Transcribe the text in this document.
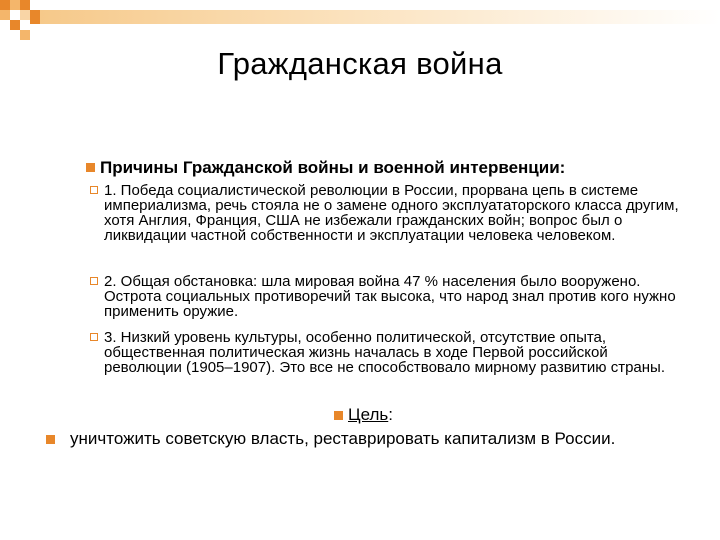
Гражданская война
Причины Гражданской войны и военной интервенции:
1. Победа социалистической революции в России, прорвана цепь в системе империализма, речь стояла не о замене одного эксплуататорского класса другим, хотя Англия, Франция, США не избежали гражданских войн; вопрос был о ликвидации частной собственности и эксплуатации человека человеком.
2. Общая обстановка: шла мировая война 47 % населения было вооружено. Острота социальных противоречий так высока, что народ знал против кого нужно применить оружие.
3. Низкий уровень культуры, особенно политической, отсутствие опыта, общественная политическая жизнь началась в ходе Первой российской революции (1905–1907). Это все не способствовало мирному развитию страны.
Цель:
уничтожить советскую власть, реставрировать капитализм в России.
